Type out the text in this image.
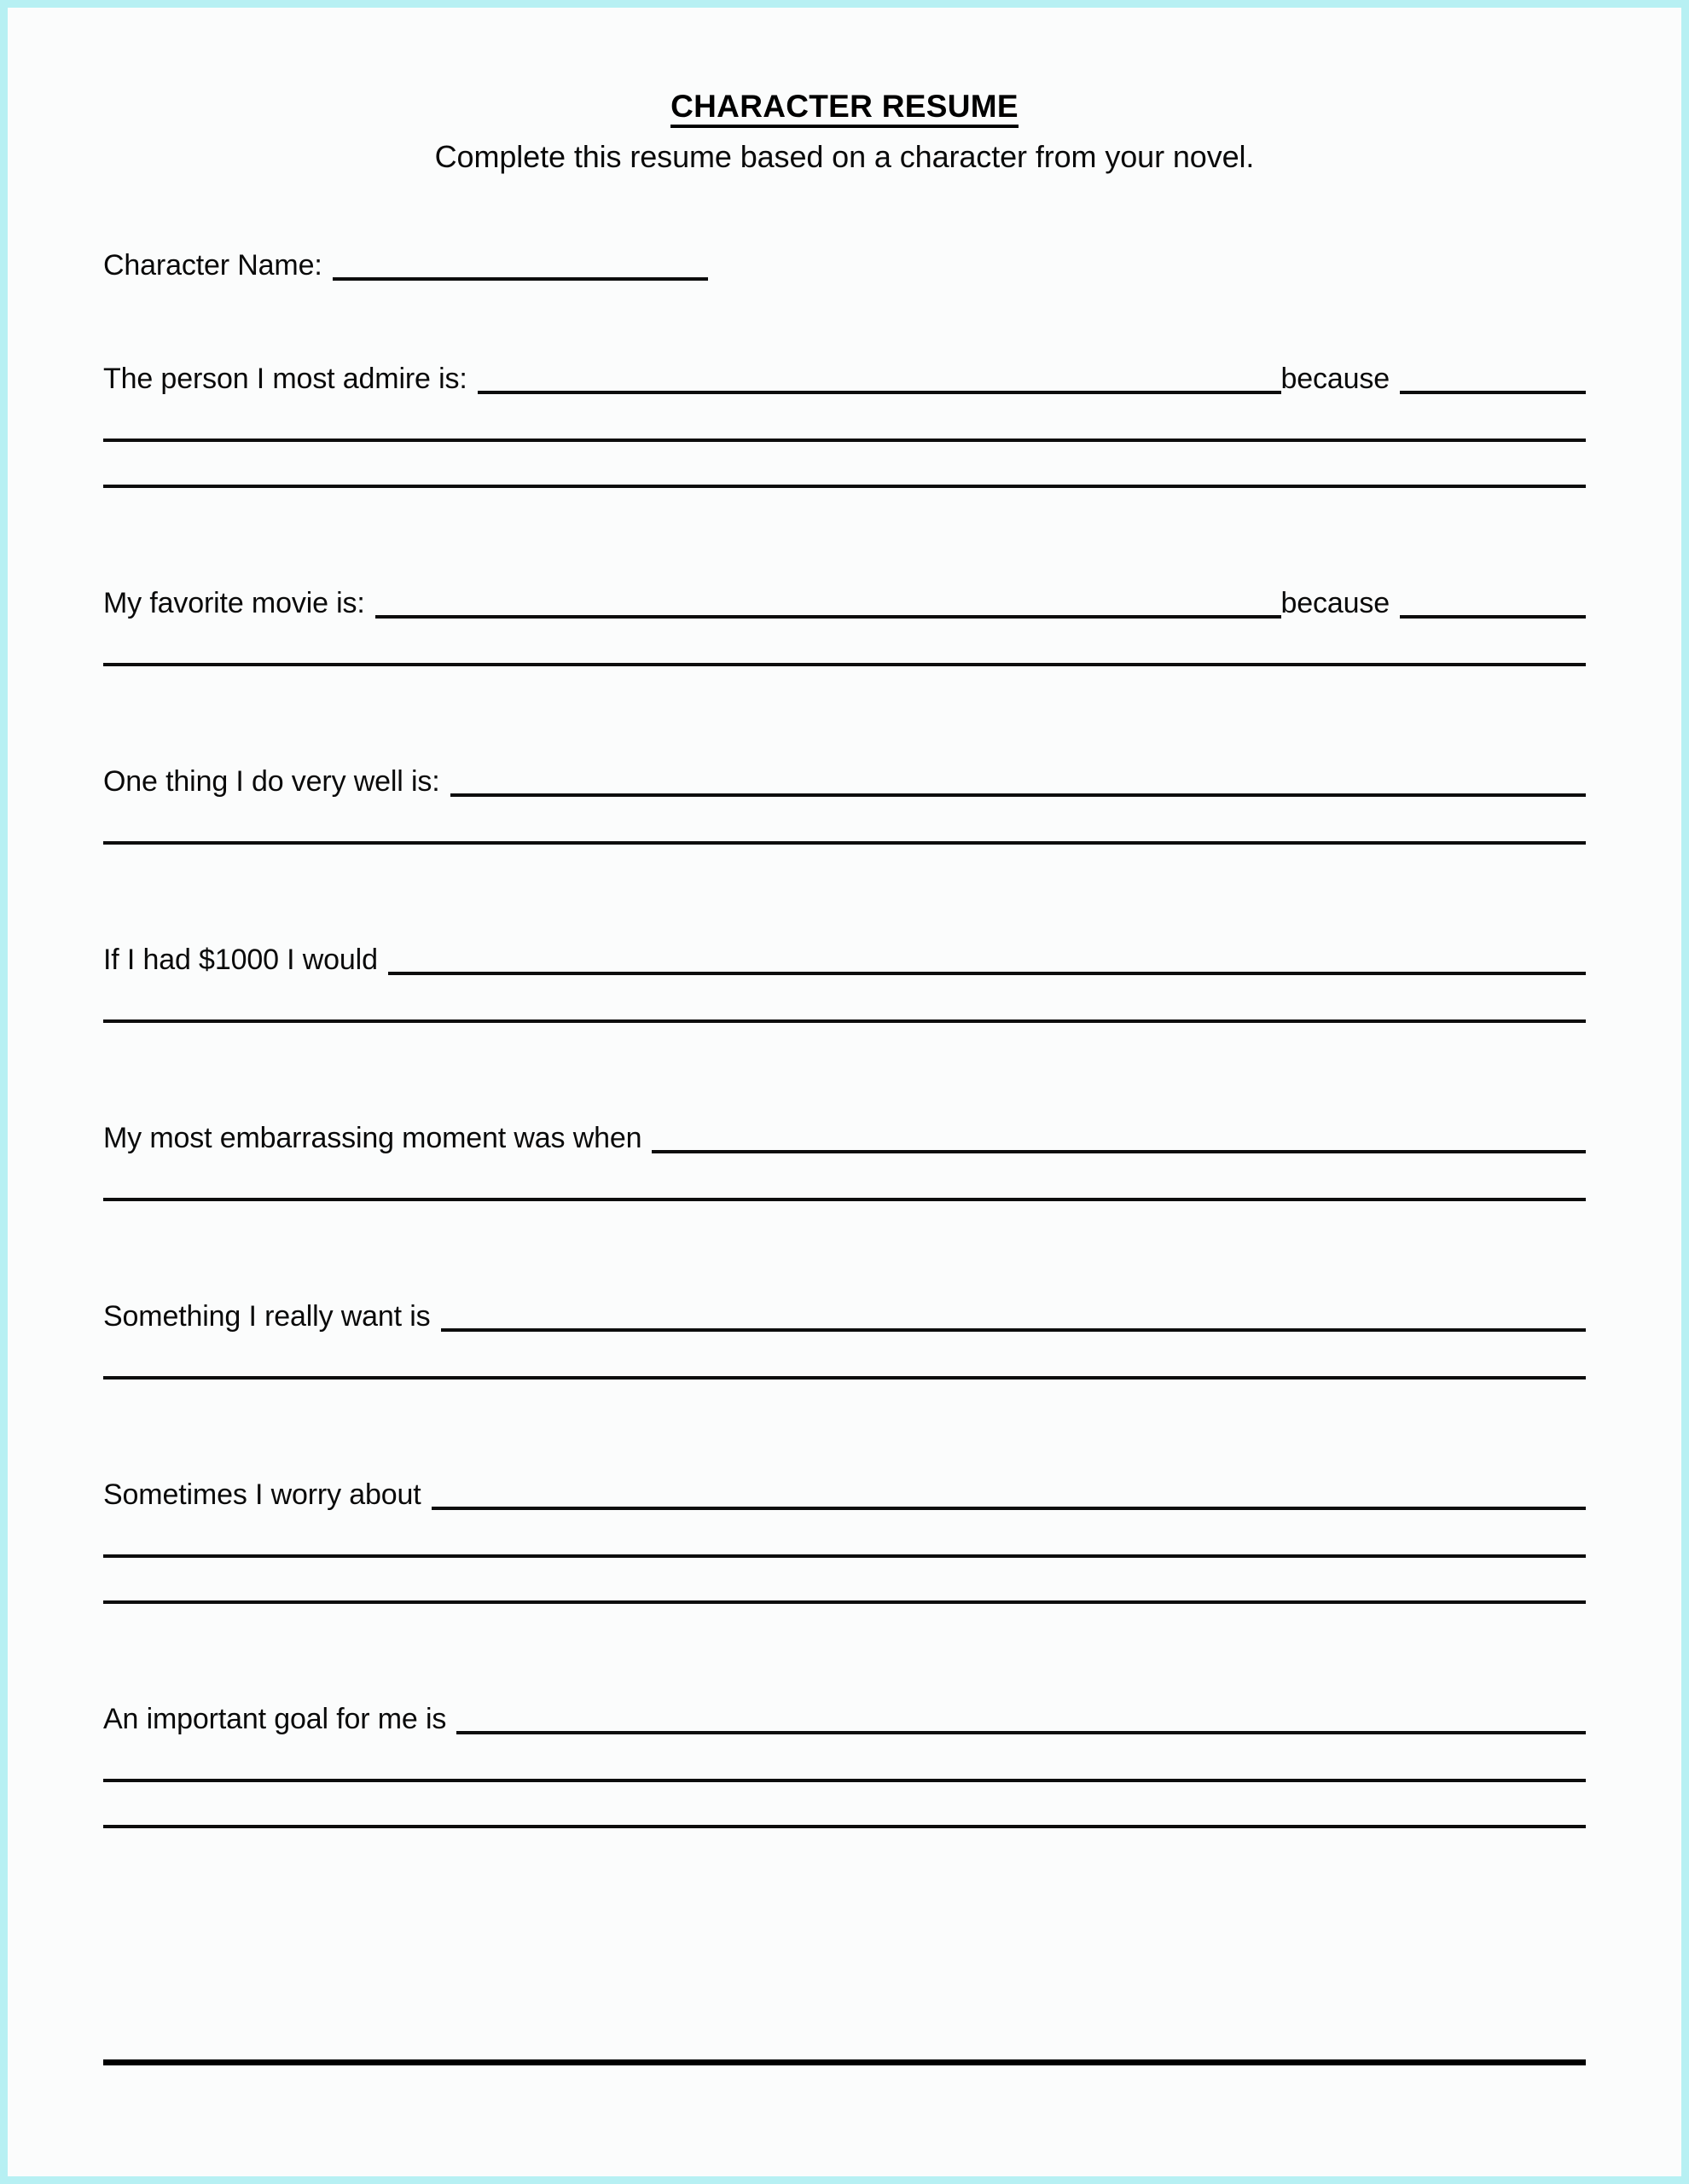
CHARACTER RESUME
Complete this resume based on a character from your novel.
Character Name:
The person I most admire is:	because
My favorite movie is:	because
One thing I do very well is:
If I had $1000 I would
My most embarrassing moment was when
Something I really want is
Sometimes I worry about
An important goal for me is
